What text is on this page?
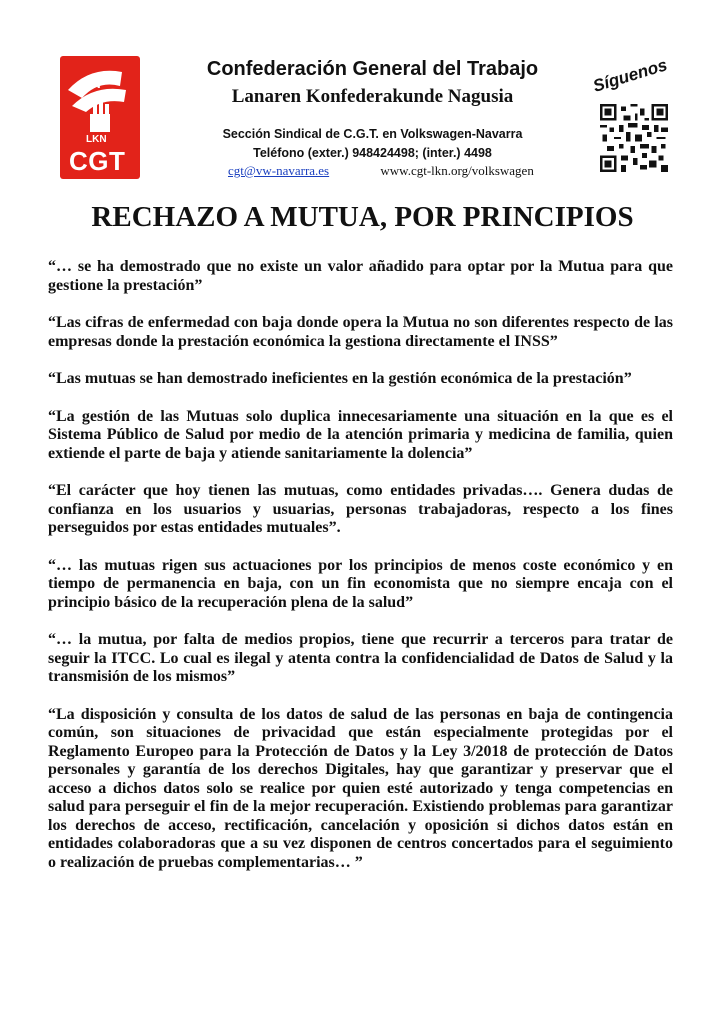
LKN
LKN
CGT
Confederación General del Trabajo
Lanaren Konfederakunde Nagusia
Sección Sindical de C.G.T. en Volkswagen-Navarra
Teléfono (exter.) 948424498; (inter.) 4498
cgt@vw-navarra.es	www.cgt-lkn.org/volkswagen
Síguenos
RECHAZO A MUTUA, POR PRINCIPIOS

“… se ha demostrado que no existe un valor añadido para optar por la Mutua para que gestione la prestación”

“Las cifras de enfermedad con baja donde opera la Mutua no son diferentes respecto de las empresas donde la prestación económica la gestiona directamente el INSS”

“Las mutuas se han demostrado ineficientes en la gestión económica de la prestación”

“La gestión de las Mutuas solo duplica innecesariamente una situación en la que es el Sistema Público de Salud por medio de la atención primaria y medicina de familia, quien extiende el parte de baja y atiende sanitariamente la dolencia”

“El carácter que hoy tienen las mutuas, como entidades privadas…. Genera dudas de confianza en los usuarios y usuarias, personas trabajadoras, respecto a los fines perseguidos por estas entidades mutuales”.

“… las mutuas rigen sus actuaciones por los principios de menos coste económico y en tiempo de permanencia en baja, con un fin economista que no siempre encaja con el principio básico de la recuperación plena de la salud”

“… la mutua, por falta de medios propios, tiene que recurrir a terceros para tratar de seguir la ITCC. Lo cual es ilegal y atenta contra la confidencialidad de Datos de Salud y la transmisión de los mismos”

“La disposición y consulta de los datos de salud de las personas en baja de contingencia común, son situaciones de privacidad que están especialmente protegidas por el Reglamento Europeo para la Protección de Datos y la Ley 3/2018 de protección de Datos personales y garantía de los derechos Digitales, hay que garantizar y preservar que el acceso a dichos datos solo se realice por quien esté autorizado y tenga competencias en salud para perseguir el fin de la mejor recuperación. Existiendo problemas para garantizar los derechos de acceso, rectificación, cancelación y oposición si dichos datos están en entidades colaboradoras que a su vez disponen de centros concertados para el seguimiento o realización de pruebas complementarias… ”
